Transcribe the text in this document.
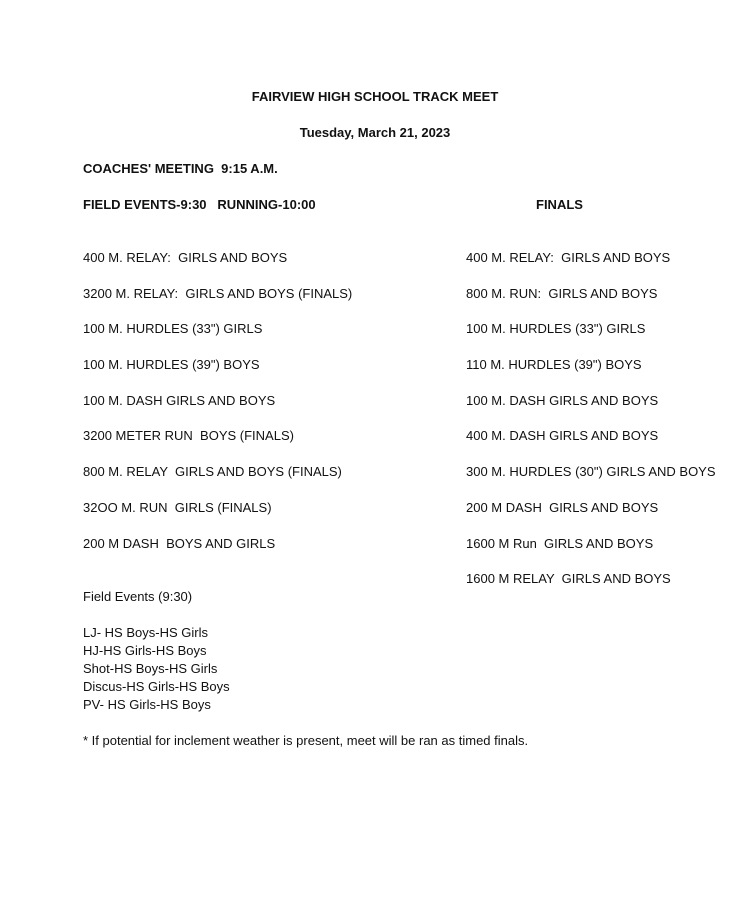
FAIRVIEW HIGH SCHOOL TRACK MEET
Tuesday, March 21, 2023
COACHES' MEETING  9:15 A.M.
FIELD EVENTS-9:30   RUNNING-10:00	FINALS
400 M. RELAY:  GIRLS AND BOYS
3200 M. RELAY:  GIRLS AND BOYS (FINALS)
100 M. HURDLES (33") GIRLS
100 M. HURDLES (39") BOYS
100 M. DASH GIRLS AND BOYS
3200 METER RUN  BOYS (FINALS)
800 M. RELAY  GIRLS AND BOYS (FINALS)
32OO M. RUN  GIRLS (FINALS)
200 M DASH  BOYS AND GIRLS
400 M. RELAY:  GIRLS AND BOYS
800 M. RUN:  GIRLS AND BOYS
100 M. HURDLES (33") GIRLS
110 M. HURDLES (39") BOYS
100 M. DASH GIRLS AND BOYS
400 M. DASH GIRLS AND BOYS
300 M. HURDLES (30") GIRLS AND BOYS
200 M DASH  GIRLS AND BOYS
1600 M Run  GIRLS AND BOYS
1600 M RELAY  GIRLS AND BOYS
Field Events (9:30)
LJ- HS Boys-HS Girls
HJ-HS Girls-HS Boys
Shot-HS Boys-HS Girls
Discus-HS Girls-HS Boys
PV- HS Girls-HS Boys
* If potential for inclement weather is present, meet will be ran as timed finals.
